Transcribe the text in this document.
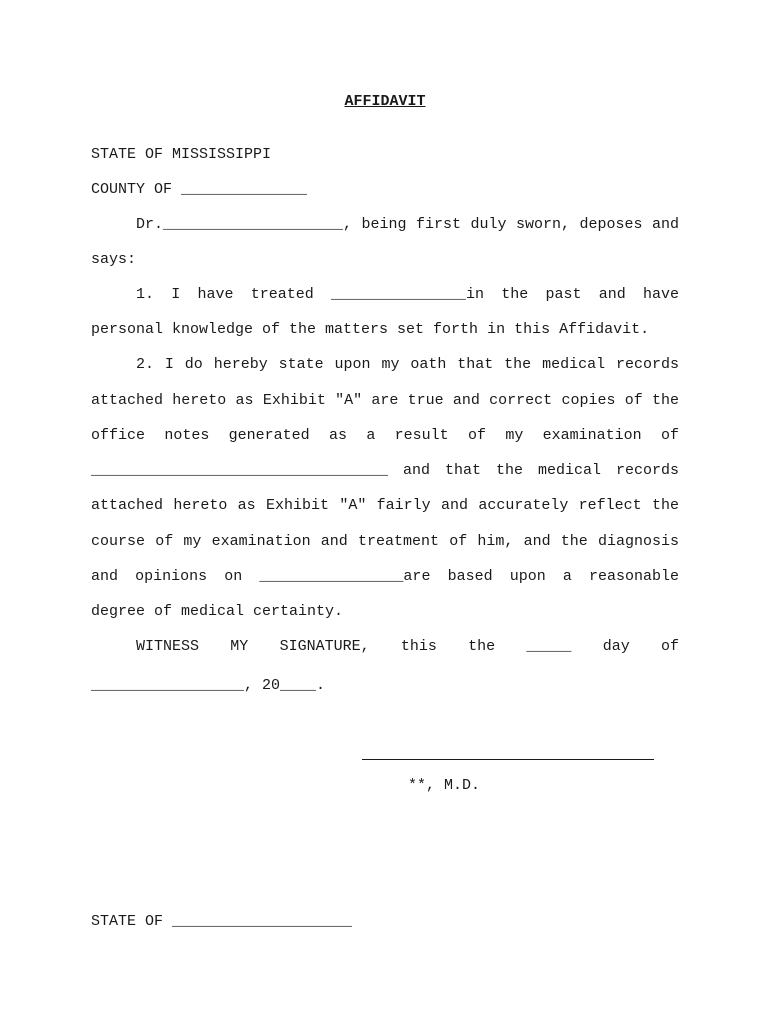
AFFIDAVIT
STATE OF MISSISSIPPI
COUNTY OF ______________
Dr.____________________, being first duly sworn, deposes and
says:
1. I have treated _______________in the past and have
personal knowledge of the matters set forth in this Affidavit.
2. I do hereby state upon my oath that the medical records
attached hereto as Exhibit "A" are true and correct copies of the
office notes generated as a result of my examination of
_________________________________ and that the medical records
attached hereto as Exhibit "A" fairly and accurately reflect the
course of my examination and treatment of him, and the diagnosis
and opinions on ________________are based upon a reasonable
degree of medical certainty.
WITNESS MY SIGNATURE, this the _____ day of
_________________, 20____.
**, M.D.
STATE OF ____________________
